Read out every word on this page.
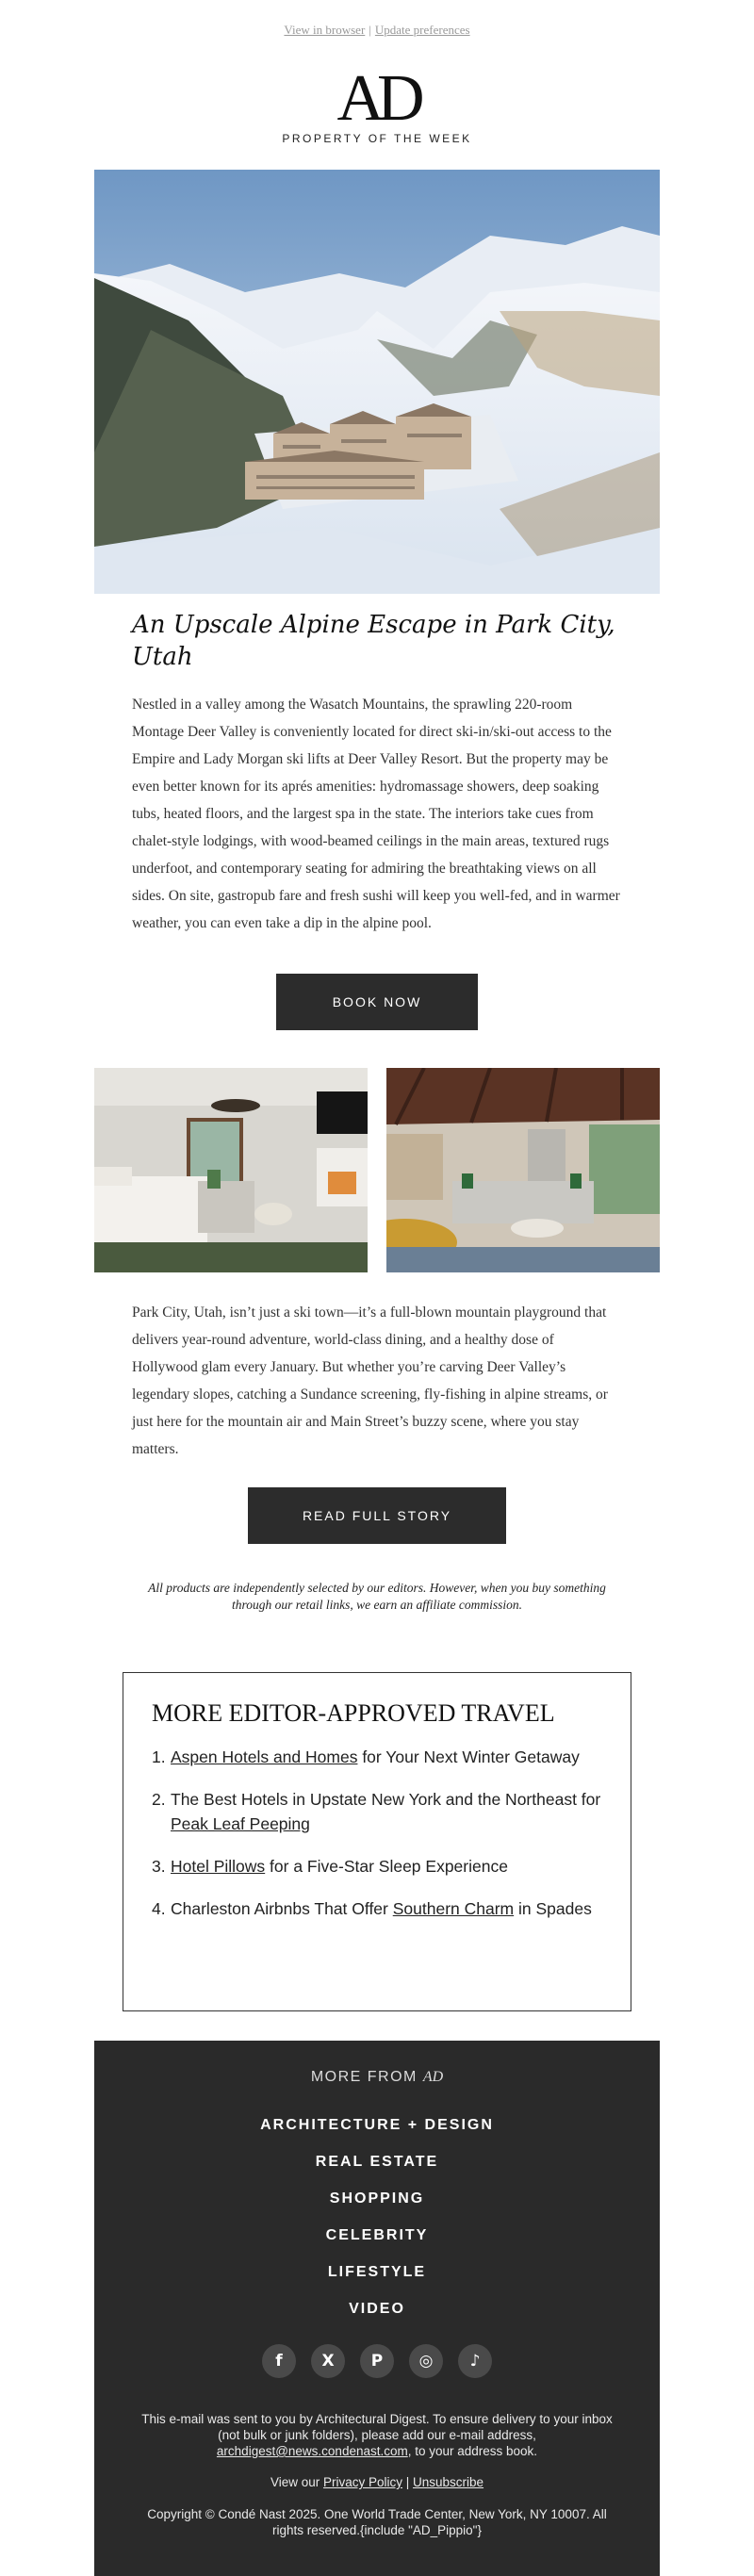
View in browser | Update preferences
AD
PROPERTY OF THE WEEK
An Upscale Alpine Escape in Park City, Utah

Nestled in a valley among the Wasatch Mountains, the sprawling 220-room Montage Deer Valley is conveniently located for direct ski-in/ski-out access to the Empire and Lady Morgan ski lifts at Deer Valley Resort. But the property may be even better known for its aprés amenities: hydromassage showers, deep soaking tubs, heated floors, and the largest spa in the state. The interiors take cues from chalet-style lodgings, with wood-beamed ceilings in the main areas, textured rugs underfoot, and contemporary seating for admiring the breathtaking views on all sides. On site, gastropub fare and fresh sushi will keep you well-fed, and in warmer weather, you can even take a dip in the alpine pool.

BOOK NOW

Park City, Utah, isn’t just a ski town—it’s a full-blown mountain playground that delivers year-round adventure, world-class dining, and a healthy dose of Hollywood glam every January. But whether you’re carving Deer Valley’s legendary slopes, catching a Sundance screening, fly-fishing in alpine streams, or just here for the mountain air and Main Street’s buzzy scene, where you stay matters.

READ FULL STORY

All products are independently selected by our editors. However, when you buy something through our retail links, we earn an affiliate commission.

MORE EDITOR-APPROVED TRAVEL
1. Aspen Hotels and Homes for Your Next Winter Getaway
2. The Best Hotels in Upstate New York and the Northeast for Peak Leaf Peeping
3. Hotel Pillows for a Five-Star Sleep Experience
4. Charleston Airbnbs That Offer Southern Charm in Spades
MORE FROM AD
ARCHITECTURE + DESIGN
REAL ESTATE
SHOPPING
CELEBRITY
LIFESTYLE
VIDEO
f	X	P	◎	♪

This e-mail was sent to you by Architectural Digest. To ensure delivery to your inbox (not bulk or junk folders), please add our e-mail address, archdigest@news.condenast.com, to your address book.

View our Privacy Policy | Unsubscribe

Copyright © Condé Nast 2025. One World Trade Center, New York, NY 10007. All rights reserved.{include "AD_Pippio"}
